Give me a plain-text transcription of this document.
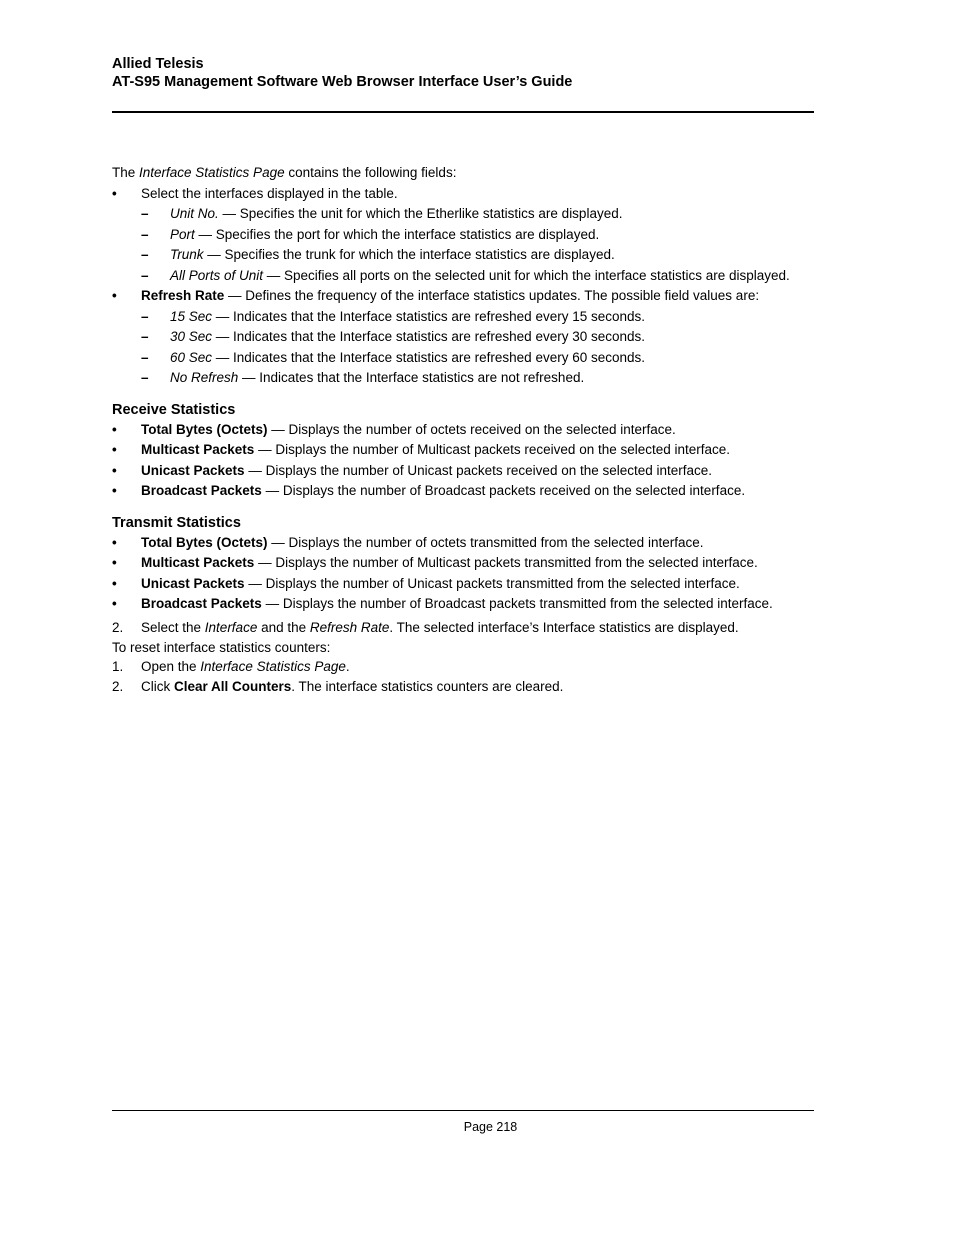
Allied Telesis
AT-S95 Management Software Web Browser Interface User’s Guide
The Interface Statistics Page contains the following fields:
• Select the interfaces displayed in the table.
– Unit No. — Specifies the unit for which the Etherlike statistics are displayed.
– Port — Specifies the port for which the interface statistics are displayed.
– Trunk — Specifies the trunk for which the interface statistics are displayed.
– All Ports of Unit — Specifies all ports on the selected unit for which the interface statistics are displayed.
• Refresh Rate — Defines the frequency of the interface statistics updates. The possible field values are:
– 15 Sec — Indicates that the Interface statistics are refreshed every 15 seconds.
– 30 Sec — Indicates that the Interface statistics are refreshed every 30 seconds.
– 60 Sec — Indicates that the Interface statistics are refreshed every 60 seconds.
– No Refresh — Indicates that the Interface statistics are not refreshed.
Receive Statistics
• Total Bytes (Octets) — Displays the number of octets received on the selected interface.
• Multicast Packets — Displays the number of Multicast packets received on the selected interface.
• Unicast Packets — Displays the number of Unicast packets received on the selected interface.
• Broadcast Packets — Displays the number of Broadcast packets received on the selected interface.
Transmit Statistics
• Total Bytes (Octets) — Displays the number of octets transmitted from the selected interface.
• Multicast Packets — Displays the number of Multicast packets transmitted from the selected interface.
• Unicast Packets — Displays the number of Unicast packets transmitted from the selected interface.
• Broadcast Packets — Displays the number of Broadcast packets transmitted from the selected interface.
2. Select the Interface and the Refresh Rate. The selected interface’s Interface statistics are displayed.
To reset interface statistics counters:
1. Open the Interface Statistics Page.
2. Click Clear All Counters. The interface statistics counters are cleared.
Page 218
